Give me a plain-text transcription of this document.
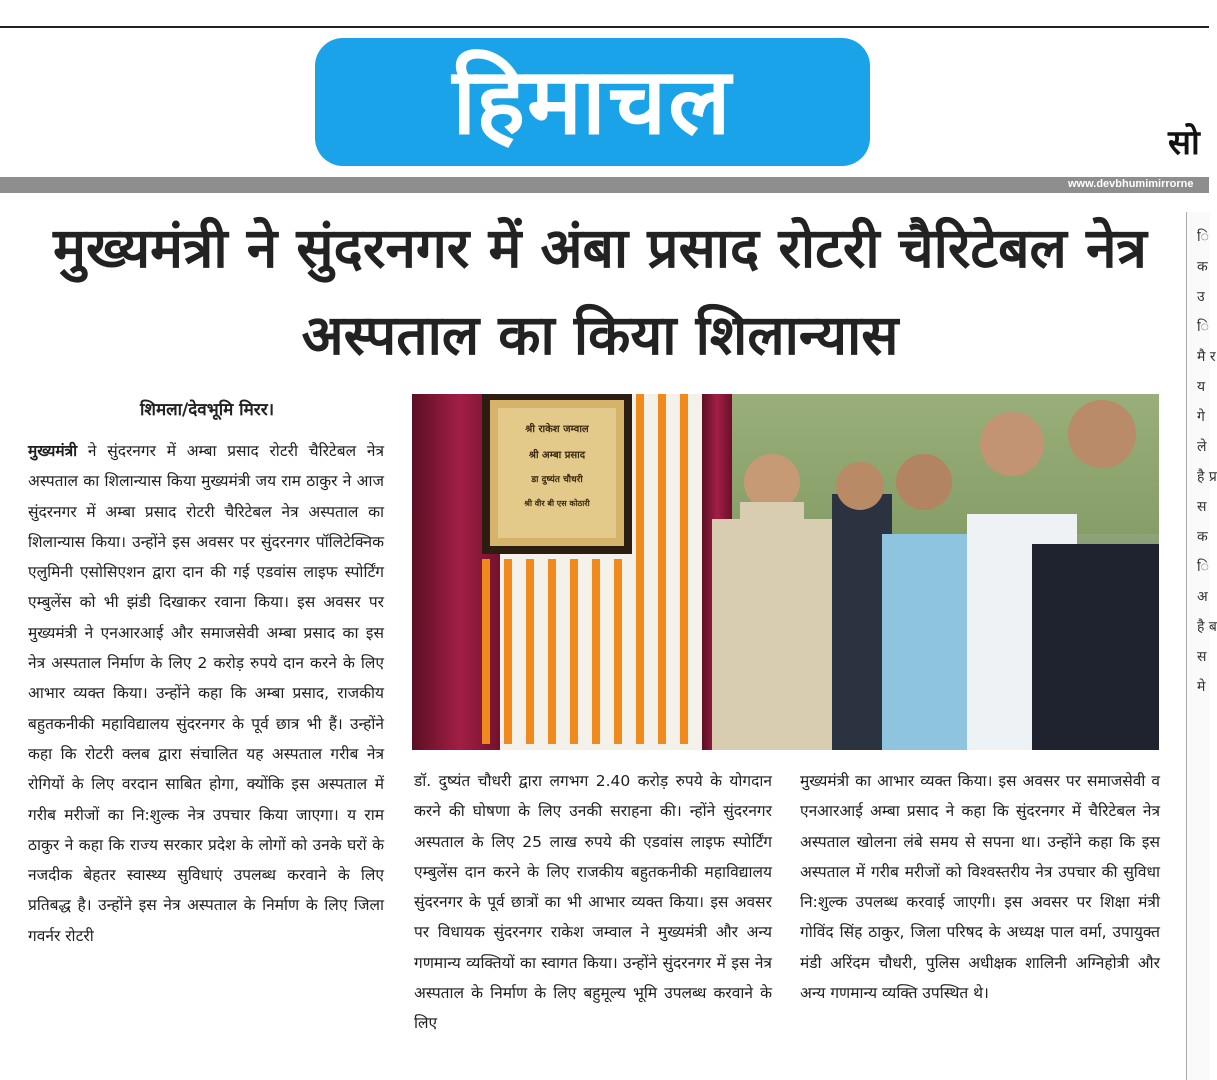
हिमाचल	सो
www.devbhumimirrorne
मुख्यमंत्री ने सुंदरनगर में अंबा प्रसाद रोटरी चैरिटेबल नेत्र अस्पताल का किया शिलान्यास
शिमला/देवभूमि मिरर।

मुख्यमंत्री ने सुंदरनगर में अम्बा प्रसाद रोटरी चैरिटेबल नेत्र अस्पताल का शिलान्यास किया मुख्यमंत्री जय राम ठाकुर ने आज सुंदरनगर में अम्बा प्रसाद रोटरी चैरिटेबल नेत्र अस्पताल का शिलान्यास किया। उन्होंने इस अवसर पर सुंदरनगर पॉलिटेक्निक एलुमिनी एसोसिएशन द्वारा दान की गई एडवांस लाइफ स्पोर्टिंग एम्बुलेंस को भी झंडी दिखाकर रवाना किया। इस अवसर पर मुख्यमंत्री ने एनआरआई और समाजसेवी अम्बा प्रसाद का इस नेत्र अस्पताल निर्माण के लिए 2 करोड़ रुपये दान करने के लिए आभार व्यक्त किया। उन्होंने कहा कि अम्बा प्रसाद, राजकीय बहुतकनीकी महाविद्यालय सुंदरनगर के पूर्व छात्र भी हैं। उन्होंने कहा कि रोटरी क्लब द्वारा संचालित यह अस्पताल गरीब नेत्र रोगियों के लिए वरदान साबित होगा, क्योंकि इस अस्पताल में गरीब मरीजों का नि:शुल्क नेत्र उपचार किया जाएगा। य राम ठाकुर ने कहा कि राज्य सरकार प्रदेश के लोगों को उनके घरों के नजदीक बेहतर स्वास्थ्य सुविधाएं उपलब्ध करवाने के लिए प्रतिबद्ध है। उन्होंने इस नेत्र अस्पताल के निर्माण के लिए जिला गवर्नर रोटरी

श्री राकेश जम्वाल
श्री अम्बा प्रसाद
डा दुष्यंत चौधरी
श्री वीर बी एस कोठारी

डॉ. दुष्यंत चौधरी द्वारा लगभग 2.40 करोड़ रुपये के योगदान करने की घोषणा के लिए उनकी सराहना की। न्होंने सुंदरनगर अस्पताल के लिए 25 लाख रुपये की एडवांस लाइफ स्पोर्टिंग एम्बुलेंस दान करने के लिए राजकीय बहुतकनीकी महाविद्यालय सुंदरनगर के पूर्व छात्रों का भी आभार व्यक्त किया। इस अवसर पर विधायक सुंदरनगर राकेश जम्वाल ने मुख्यमंत्री और अन्य गणमान्य व्यक्तियों का स्वागत किया। उन्होंने सुंदरनगर में इस नेत्र अस्पताल के निर्माण के लिए बहुमूल्य भूमि उपलब्ध करवाने के लिए

मुख्यमंत्री का आभार व्यक्त किया। इस अवसर पर समाजसेवी व एनआरआई अम्बा प्रसाद ने कहा कि सुंदरनगर में चैरिटेबल नेत्र अस्पताल खोलना लंबे समय से सपना था। उन्होंने कहा कि इस अस्पताल में गरीब मरीजों को विश्वस्तरीय नेत्र उपचार की सुविधा नि:शुल्क उपलब्ध करवाई जाएगी। इस अवसर पर शिक्षा मंत्री गोविंद सिंह ठाकुर, जिला परिषद के अध्यक्ष पाल वर्मा, उपायुक्त मंडी अरिंदम चौधरी, पुलिस अधीक्षक शालिनी अग्निहोत्री और अन्य गणमान्य व्यक्ति उपस्थित थे।

ि क उ ि मै र य गे ले है प्र स क ि अ है ब स मे
